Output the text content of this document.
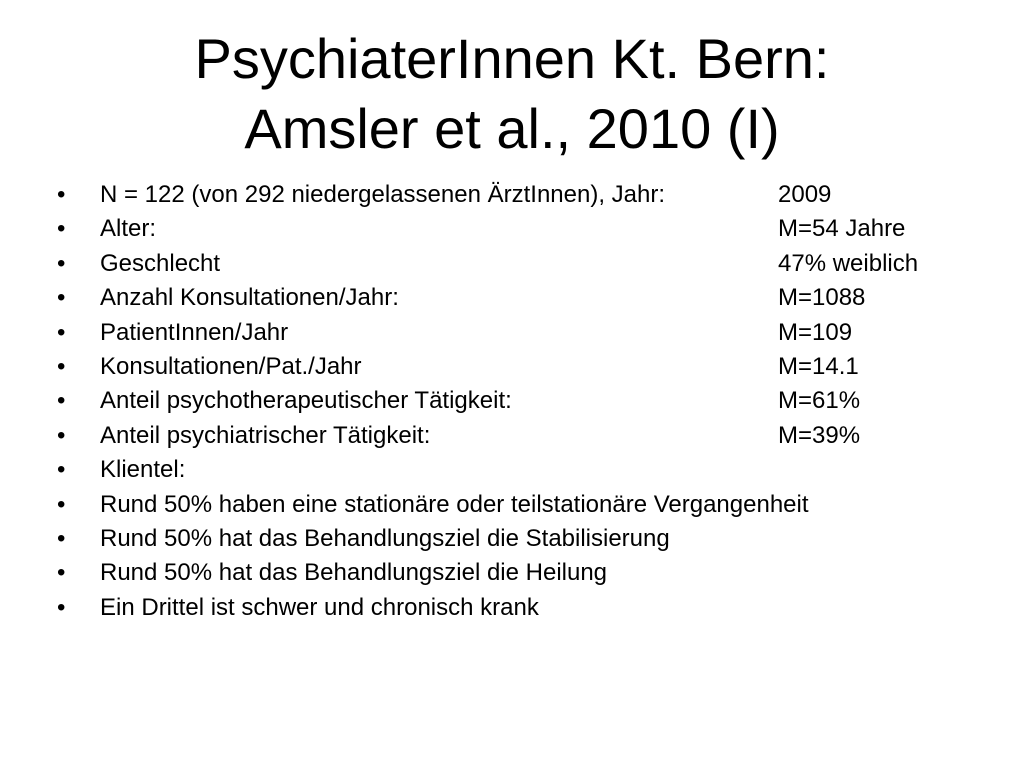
PsychiaterInnen Kt. Bern:
Amsler et al., 2010 (I)
•	N = 122 (von 292 niedergelassenen ÄrztInnen), Jahr:	2009
•	Alter:	M=54 Jahre
•	Geschlecht	47% weiblich
•	Anzahl Konsultationen/Jahr:	M=1088
•	PatientInnen/Jahr	M=109
•	Konsultationen/Pat./Jahr	M=14.1
•	Anteil psychotherapeutischer Tätigkeit:	M=61%
•	Anteil psychiatrischer Tätigkeit:	M=39%
•	Klientel:
•	Rund 50% haben eine stationäre oder teilstationäre Vergangenheit
•	Rund 50% hat das Behandlungsziel die Stabilisierung
•	Rund 50% hat das Behandlungsziel die Heilung
•	Ein Drittel ist schwer und chronisch krank
